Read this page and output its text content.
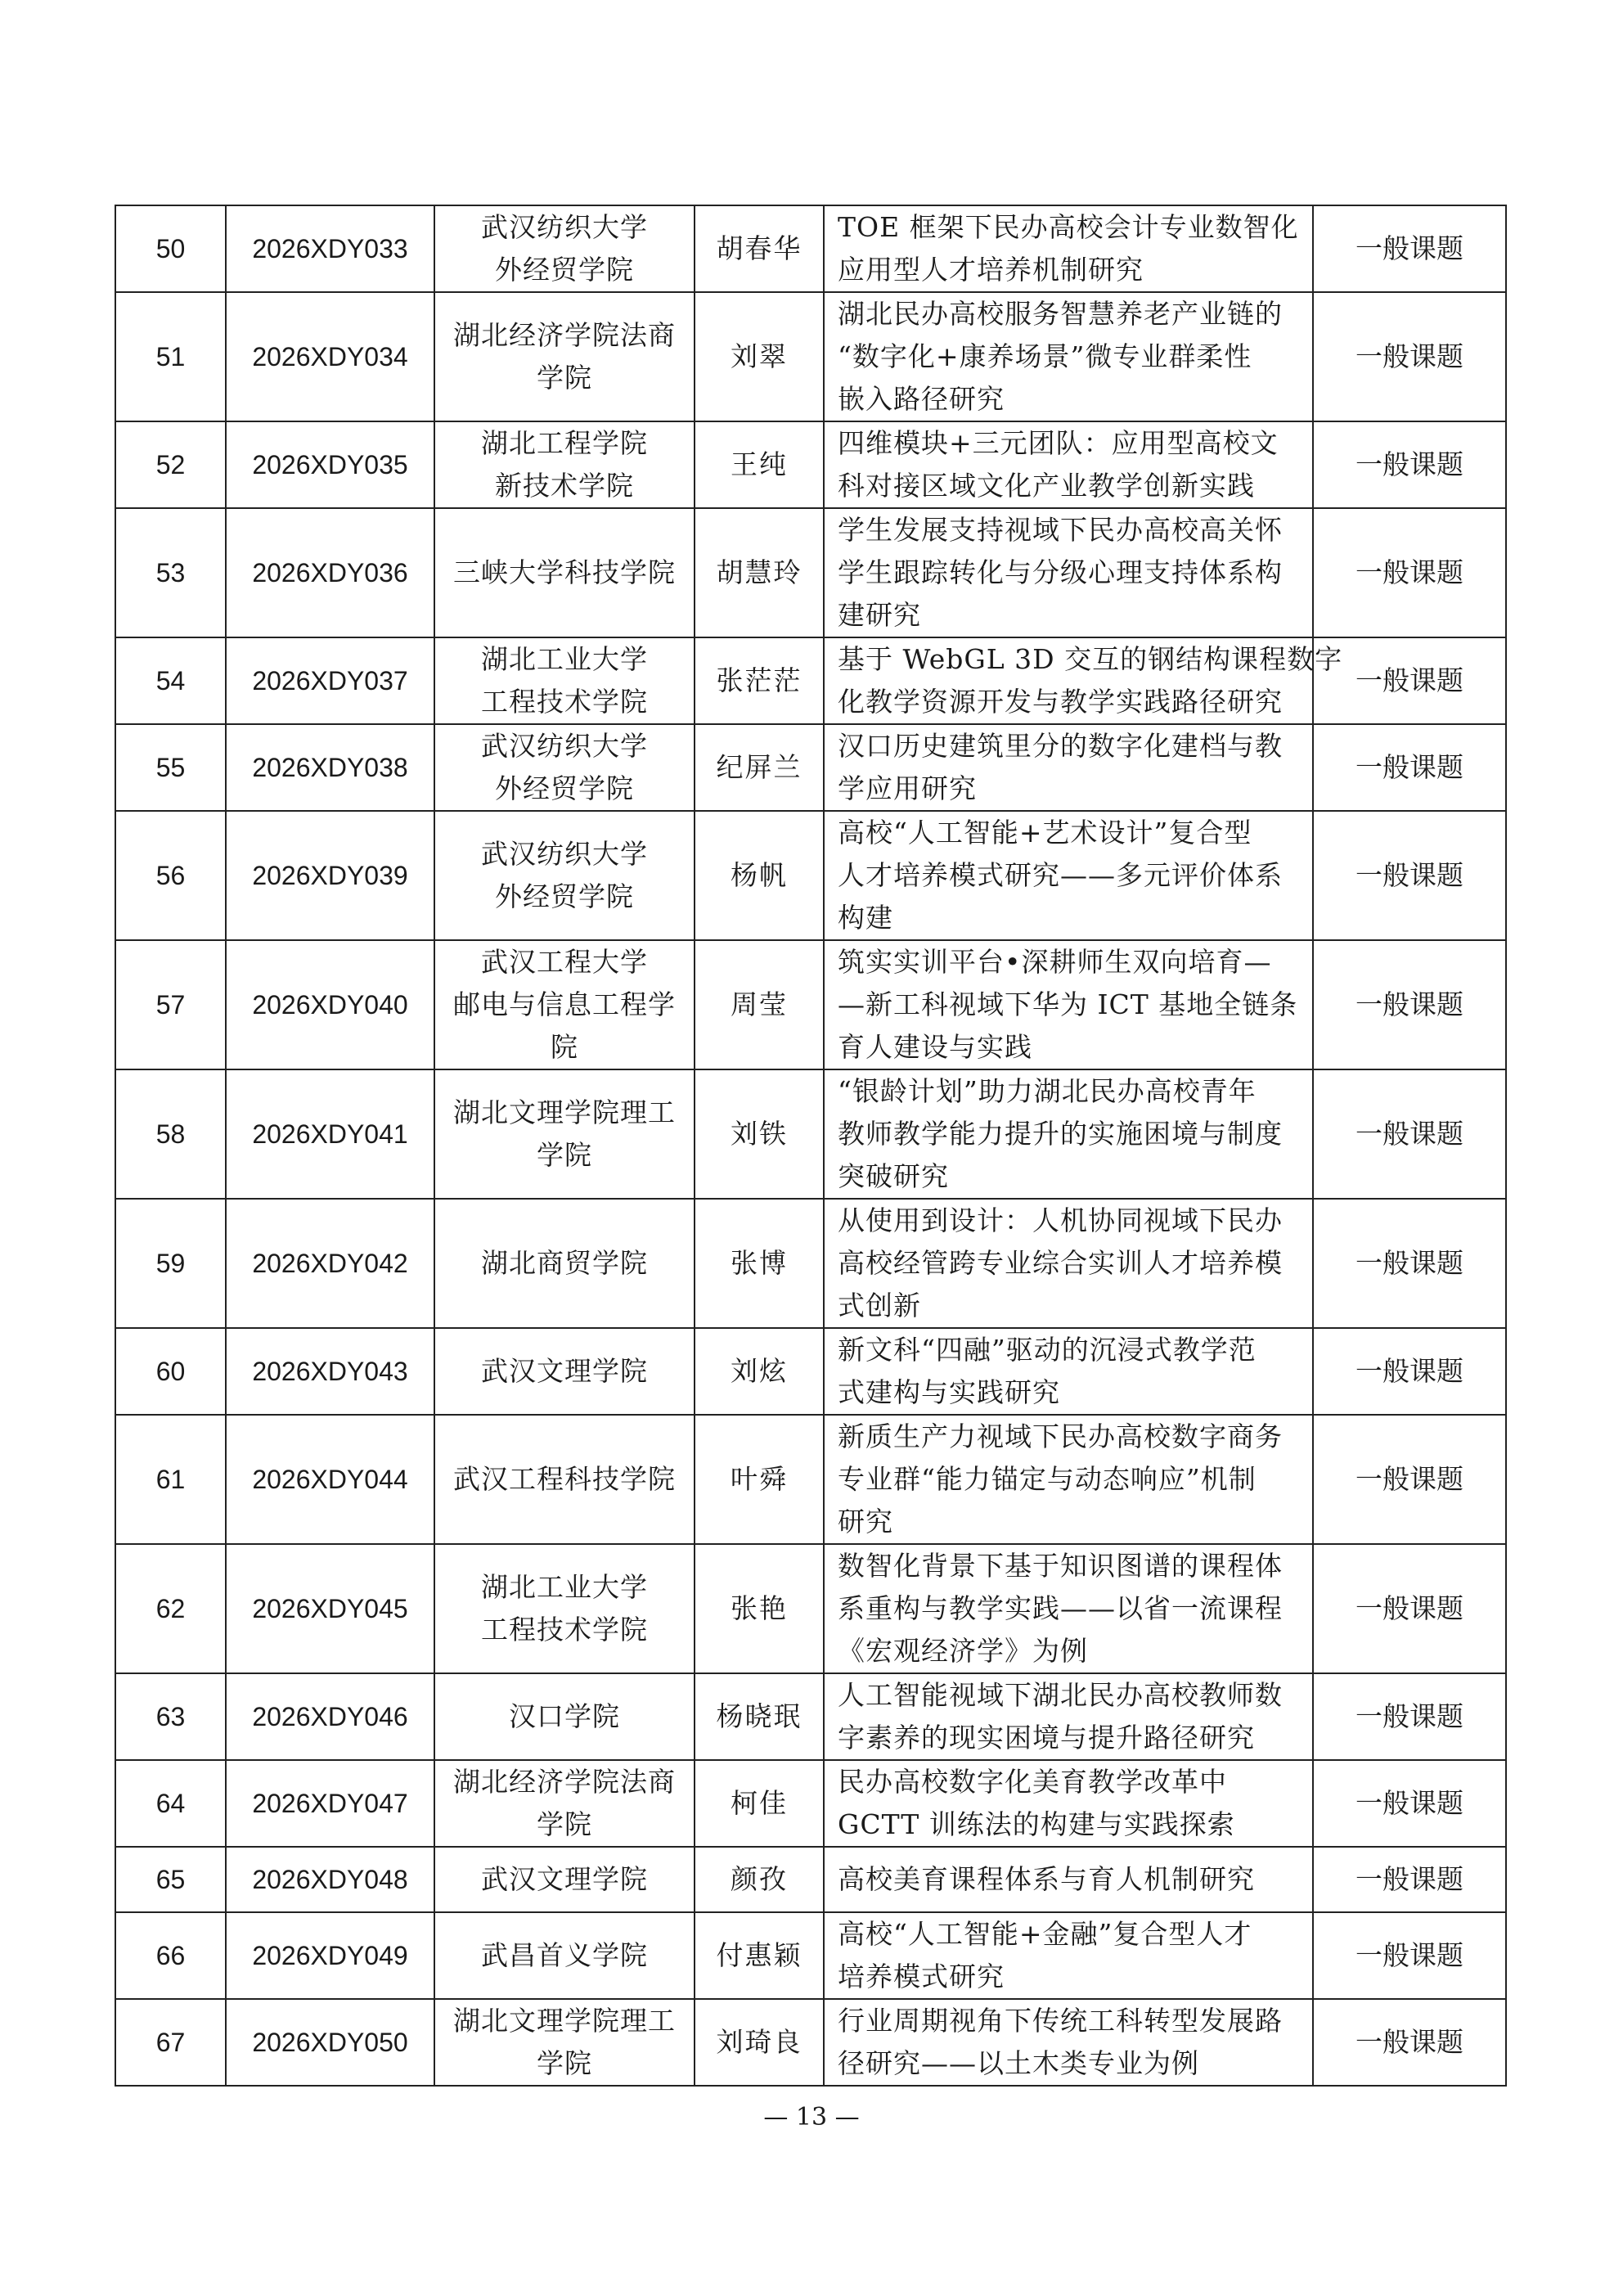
50	2026XDY033	武汉纺织大学
外经贸学院	胡春华	TOE 框架下民办高校会计专业数智化
应用型人才培养机制研究	一般课题
51	2026XDY034	湖北经济学院法商
学院	刘翠	湖北民办高校服务智慧养老产业链的
“数字化+康养场景”微专业群柔性
嵌入路径研究	一般课题
52	2026XDY035	湖北工程学院
新技术学院	王纯	四维模块+三元团队：应用型高校文
科对接区域文化产业教学创新实践	一般课题
53	2026XDY036	三峡大学科技学院	胡慧玲	学生发展支持视域下民办高校高关怀
学生跟踪转化与分级心理支持体系构
建研究	一般课题
54	2026XDY037	湖北工业大学
工程技术学院	张茫茫	基于 WebGL 3D 交互的钢结构课程数字
化教学资源开发与教学实践路径研究	一般课题
55	2026XDY038	武汉纺织大学
外经贸学院	纪屏兰	汉口历史建筑里分的数字化建档与教
学应用研究	一般课题
56	2026XDY039	武汉纺织大学
外经贸学院	杨帆	高校“人工智能+艺术设计”复合型
人才培养模式研究——多元评价体系
构建	一般课题
57	2026XDY040	武汉工程大学
邮电与信息工程学
院	周莹	筑实实训平台•深耕师生双向培育—
—新工科视域下华为 ICT 基地全链条
育人建设与实践	一般课题
58	2026XDY041	湖北文理学院理工
学院	刘铁	“银龄计划”助力湖北民办高校青年
教师教学能力提升的实施困境与制度
突破研究	一般课题
59	2026XDY042	湖北商贸学院	张博	从使用到设计：人机协同视域下民办
高校经管跨专业综合实训人才培养模
式创新	一般课题
60	2026XDY043	武汉文理学院	刘炫	新文科“四融”驱动的沉浸式教学范
式建构与实践研究	一般课题
61	2026XDY044	武汉工程科技学院	叶舜	新质生产力视域下民办高校数字商务
专业群“能力锚定与动态响应”机制
研究	一般课题
62	2026XDY045	湖北工业大学
工程技术学院	张艳	数智化背景下基于知识图谱的课程体
系重构与教学实践——以省一流课程
《宏观经济学》为例	一般课题
63	2026XDY046	汉口学院	杨晓珉	人工智能视域下湖北民办高校教师数
字素养的现实困境与提升路径研究	一般课题
64	2026XDY047	湖北经济学院法商
学院	柯佳	民办高校数字化美育教学改革中
GCTT 训练法的构建与实践探索	一般课题
65	2026XDY048	武汉文理学院	颜孜	高校美育课程体系与育人机制研究	一般课题
66	2026XDY049	武昌首义学院	付惠颖	高校“人工智能+金融”复合型人才
培养模式研究	一般课题
67	2026XDY050	湖北文理学院理工
学院	刘琦良	行业周期视角下传统工科转型发展路
径研究——以土木类专业为例	一般课题
— 13 —
